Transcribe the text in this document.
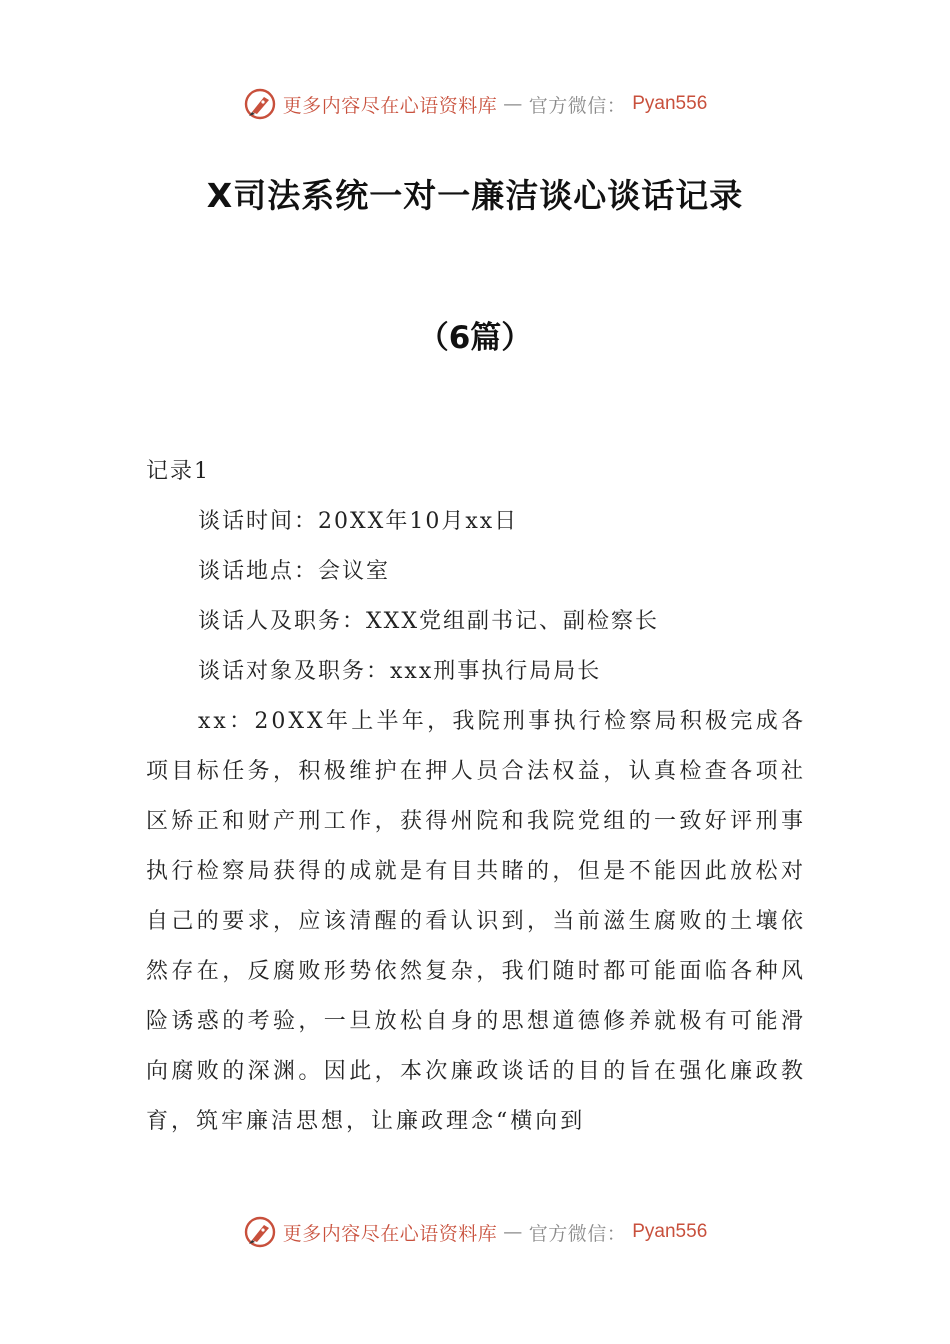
更多内容尽在心语资料库 — 官方微信： Pyan556
X司法系统一对一廉洁谈心谈话记录
（6篇）
记录1
谈话时间：20XX年10月xx日
谈话地点：会议室
谈话人及职务：XXX党组副书记、副检察长
谈话对象及职务：xxx刑事执行局局长
xx：20XX年上半年，我院刑事执行检察局积极完成各项目标任务，积极维护在押人员合法权益，认真检查各项社区矫正和财产刑工作，获得州院和我院党组的一致好评刑事执行检察局获得的成就是有目共睹的，但是不能因此放松对自己的要求，应该清醒的看认识到，当前滋生腐败的土壤依然存在，反腐败形势依然复杂，我们随时都可能面临各种风险诱惑的考验，一旦放松自身的思想道德修养就极有可能滑向腐败的深渊。因此，本次廉政谈话的目的旨在强化廉政教育，筑牢廉洁思想，让廉政理念“横向到
更多内容尽在心语资料库 — 官方微信： Pyan556
